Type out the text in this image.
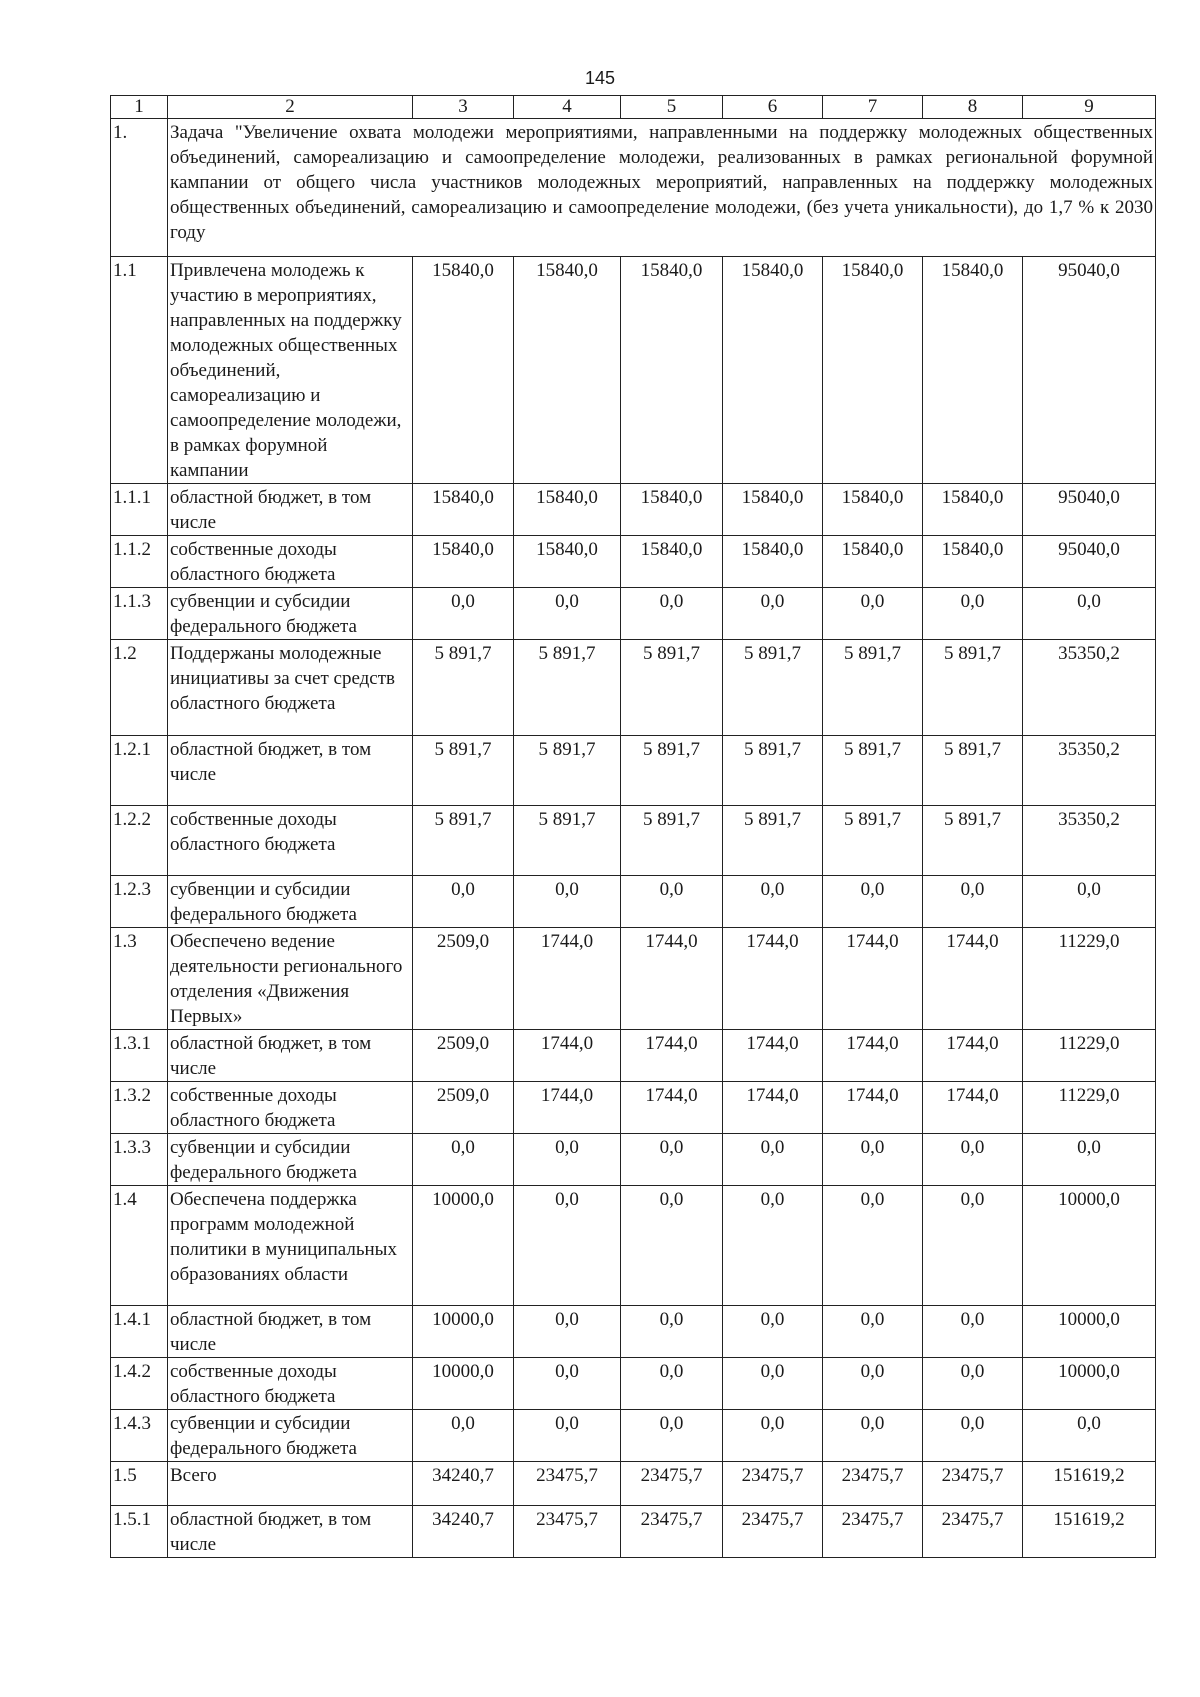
145
1	2	3	4	5	6	7	8	9
1.	Задача "Увеличение охвата молодежи мероприятиями, направленными на поддержку молодежных общественных объединений, самореализацию и самоопределение молодежи, реализованных в рамках региональной форумной кампании от общего числа участников молодежных мероприятий, направленных на поддержку молодежных общественных объединений, самореализацию и самоопределение молодежи, (без учета уникальности), до 1,7 % к 2030 году							
1.1	Привлечена молодежь к участию в мероприятиях, направленных на поддержку молодежных общественных объединений, самореализацию и самоопределение молодежи, в рамках форумной кампании	15840,0	15840,0	15840,0	15840,0	15840,0	15840,0	95040,0
1.1.1	областной бюджет, в том числе	15840,0	15840,0	15840,0	15840,0	15840,0	15840,0	95040,0
1.1.2	собственные доходы областного бюджета	15840,0	15840,0	15840,0	15840,0	15840,0	15840,0	95040,0
1.1.3	субвенции и субсидии федерального бюджета	0,0	0,0	0,0	0,0	0,0	0,0	0,0
1.2	Поддержаны молодежные инициативы за счет средств областного бюджета	5 891,7	5 891,7	5 891,7	5 891,7	5 891,7	5 891,7	35350,2
1.2.1	областной бюджет, в том числе	5 891,7	5 891,7	5 891,7	5 891,7	5 891,7	5 891,7	35350,2
1.2.2	собственные доходы областного бюджета	5 891,7	5 891,7	5 891,7	5 891,7	5 891,7	5 891,7	35350,2
1.2.3	субвенции и субсидии федерального бюджета	0,0	0,0	0,0	0,0	0,0	0,0	0,0
1.3	Обеспечено ведение деятельности регионального отделения «Движения Первых»	2509,0	1744,0	1744,0	1744,0	1744,0	1744,0	11229,0
1.3.1	областной бюджет, в том числе	2509,0	1744,0	1744,0	1744,0	1744,0	1744,0	11229,0
1.3.2	собственные доходы областного бюджета	2509,0	1744,0	1744,0	1744,0	1744,0	1744,0	11229,0
1.3.3	субвенции и субсидии федерального бюджета	0,0	0,0	0,0	0,0	0,0	0,0	0,0
1.4	Обеспечена поддержка программ молодежной политики в муниципальных образованиях области	10000,0	0,0	0,0	0,0	0,0	0,0	10000,0
1.4.1	областной бюджет, в том числе	10000,0	0,0	0,0	0,0	0,0	0,0	10000,0
1.4.2	собственные доходы областного бюджета	10000,0	0,0	0,0	0,0	0,0	0,0	10000,0
1.4.3	субвенции и субсидии федерального бюджета	0,0	0,0	0,0	0,0	0,0	0,0	0,0
1.5	Всего	34240,7	23475,7	23475,7	23475,7	23475,7	23475,7	151619,2
1.5.1	областной бюджет, в том числе	34240,7	23475,7	23475,7	23475,7	23475,7	23475,7	151619,2
